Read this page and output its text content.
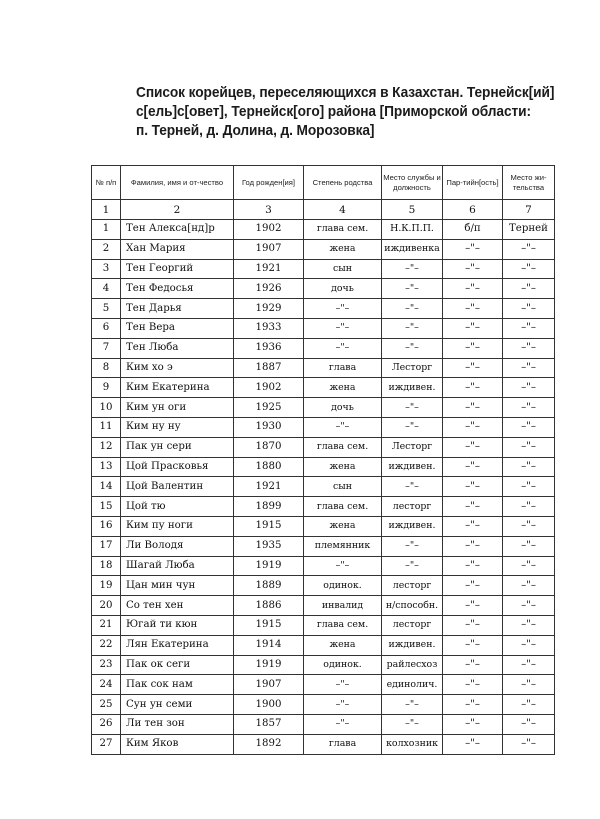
Список корейцев, переселяющихся в Казахстан. Тернейск[ий]
с[ель]с[овет], Тернейск[ого] района [Приморской области:
п. Терней, д. Долина, д. Морозовка]
№ п/п	Фамилия, имя и от-чество	Год рожден[ия]	Степень родства	Место службы и должность	Пар-тийн[ость]	Место жи-тельства
1	2	3	4	5	6	7
1	Тен Алекса[нд]р	1902	глава сем.	Н.К.П.П.	б/п	Терней
2	Хан Мария	1907	жена	иждивенка	–"–	–"–
3	Тен Георгий	1921	сын	–"–	–"–	–"–
4	Тен Федосья	1926	дочь	–"–	–"–	–"–
5	Тен Дарья	1929	–"–	–"–	–"–	–"–
6	Тен Вера	1933	–"–	–"–	–"–	–"–
7	Тен Люба	1936	–"–	–"–	–"–	–"–
8	Ким хо э	1887	глава	Лесторг	–"–	–"–
9	Ким Екатерина	1902	жена	иждивен.	–"–	–"–
10	Ким ун оги	1925	дочь	–"–	–"–	–"–
11	Ким ну ну	1930	–"–	–"–	–"–	–"–
12	Пак ун сери	1870	глава сем.	Лесторг	–"–	–"–
13	Цой Прасковья	1880	жена	иждивен.	–"–	–"–
14	Цой Валентин	1921	сын	–"–	–"–	–"–
15	Цой тю	1899	глава сем.	лесторг	–"–	–"–
16	Ким пу ноги	1915	жена	иждивен.	–"–	–"–
17	Ли Володя	1935	племянник	–"–	–"–	–"–
18	Шагай Люба	1919	–"–	–"–	–"–	–"–
19	Цан мин чун	1889	одинок.	лесторг	–"–	–"–
20	Со тен хен	1886	инвалид	н/способн.	–"–	–"–
21	Югай ти кюн	1915	глава сем.	лесторг	–"–	–"–
22	Лян Екатерина	1914	жена	иждивен.	–"–	–"–
23	Пак ок сеги	1919	одинок.	райлесхоз	–"–	–"–
24	Пак сок нам	1907	–"–	единолич.	–"–	–"–
25	Сун ун семи	1900	–"–	–"–	–"–	–"–
26	Ли тен зон	1857	–"–	–"–	–"–	–"–
27	Ким Яков	1892	глава	колхозник	–"–	–"–
